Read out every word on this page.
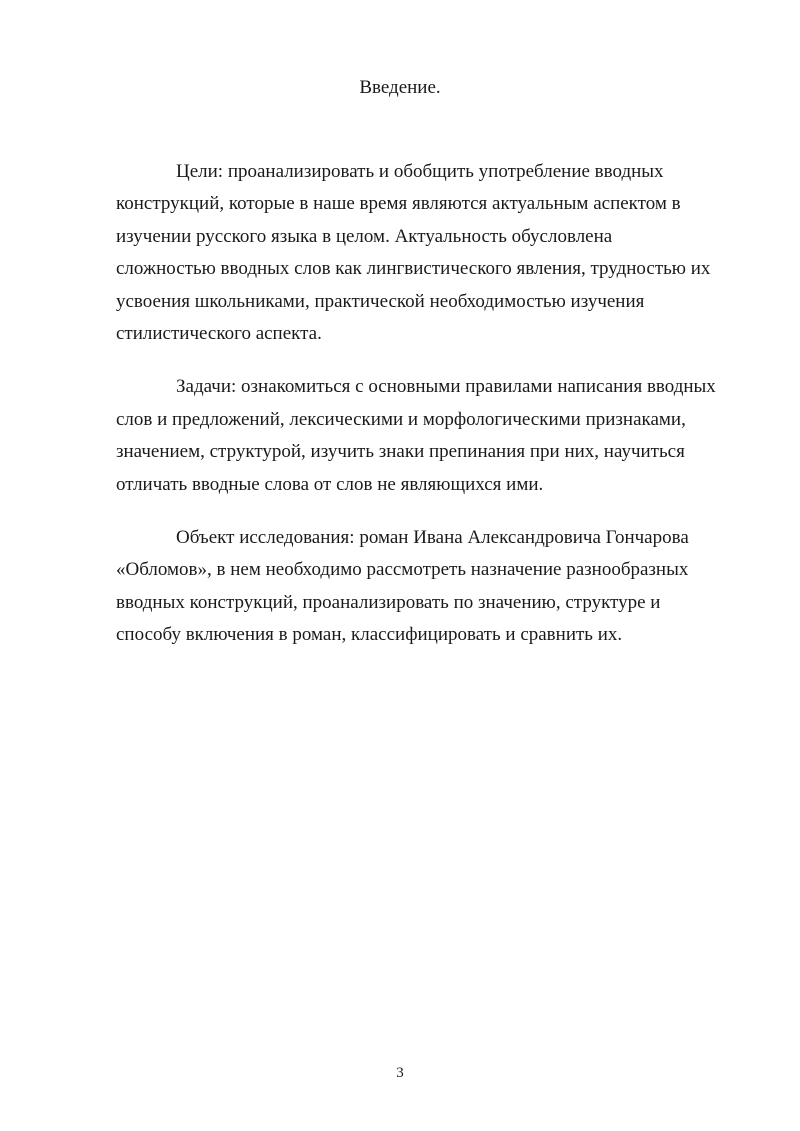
Введение.

Цели: проанализировать и обобщить употребление вводных конструкций, которые в наше время являются актуальным аспектом в изучении русского языка в целом. Актуальность обусловлена сложностью вводных слов как лингвистического явления, трудностью их усвоения школьниками, практической необходимостью изучения стилистического аспекта.

Задачи: ознакомиться с основными правилами написания вводных слов и предложений, лексическими и морфологическими признаками, значением, структурой, изучить знаки препинания при них, научиться отличать вводные слова от слов не являющихся ими.

Объект исследования: роман Ивана Александровича Гончарова «Обломов», в нем необходимо рассмотреть назначение разнообразных вводных конструкций, проанализировать по значению, структуре и способу включения в роман, классифицировать и сравнить их.

3
